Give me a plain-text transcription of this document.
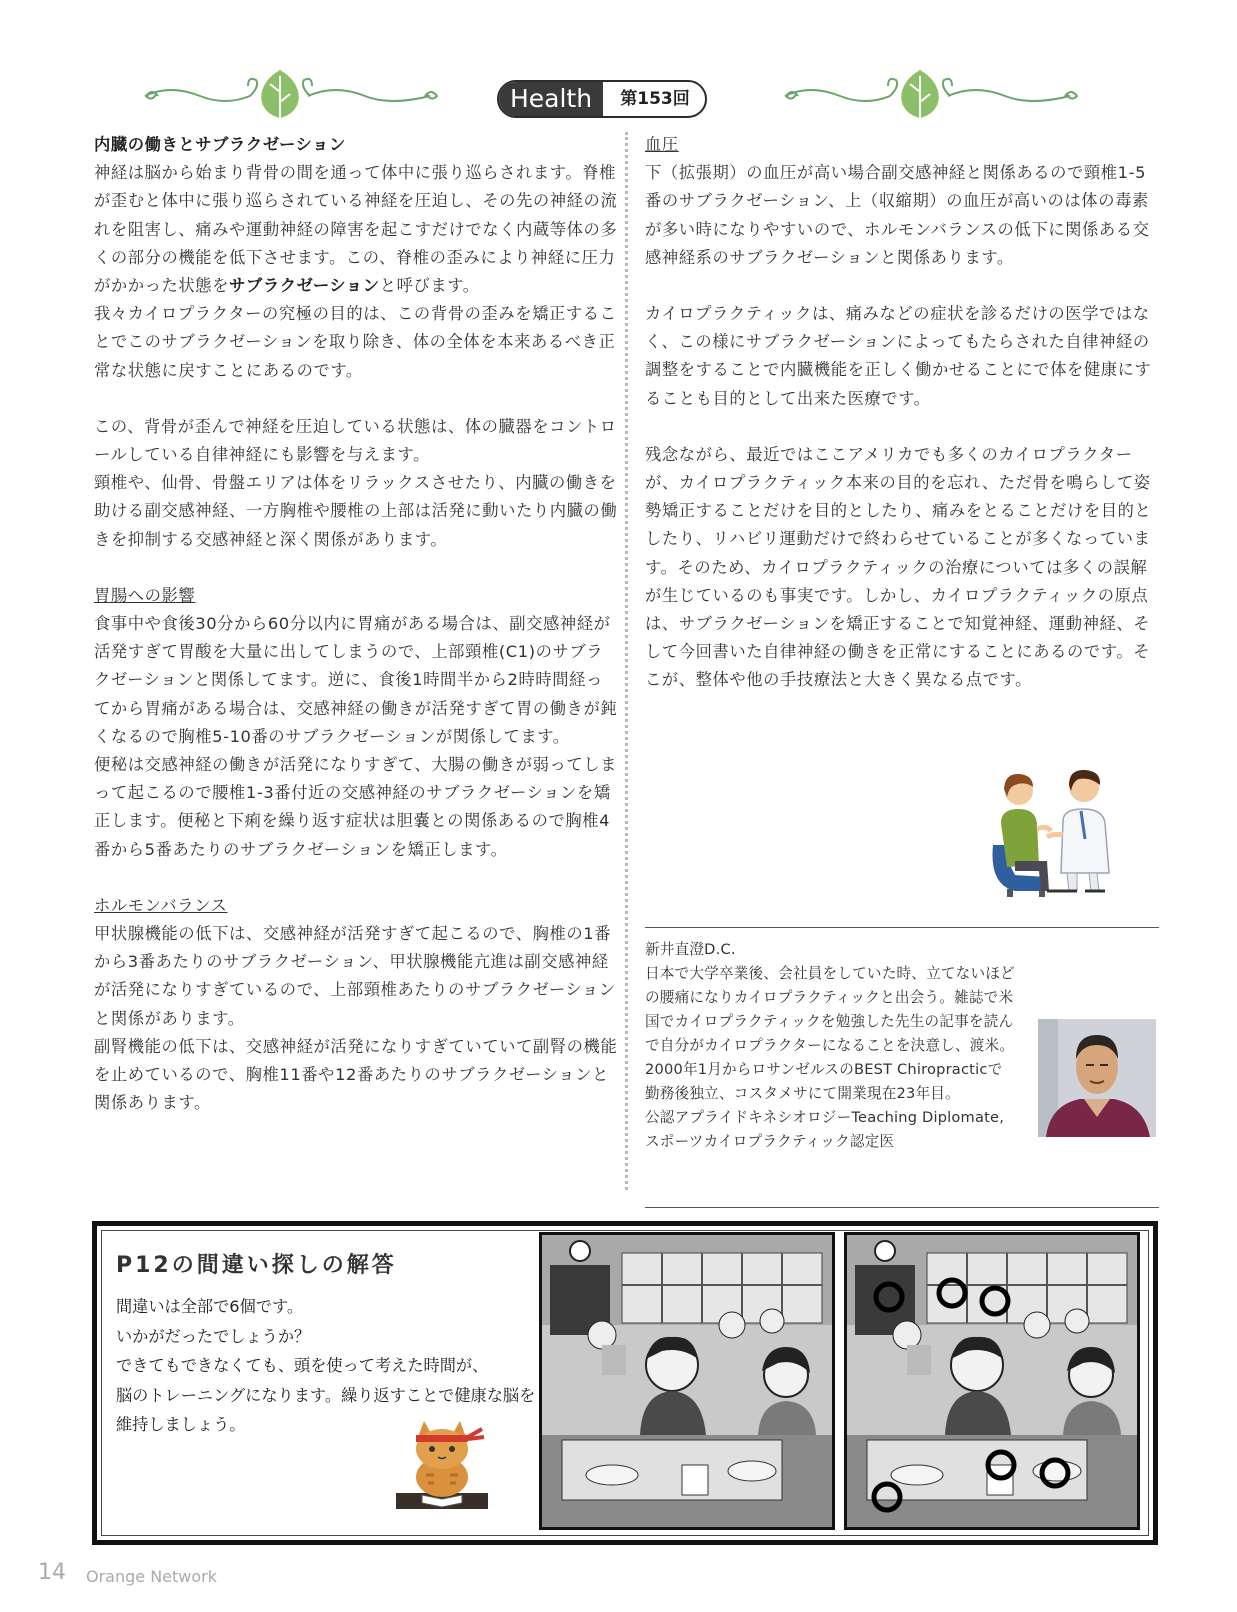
Health	第153回

内臓の働きとサブラクゼーション

神経は脳から始まり背骨の間を通って体中に張り巡らされます。脊椎が歪むと体中に張り巡らされている神経を圧迫し、その先の神経の流れを阻害し、痛みや運動神経の障害を起こすだけでなく内蔵等体の多くの部分の機能を低下させます。この、脊椎の歪みにより神経に圧力がかかった状態をサブラクゼーションと呼びます。

我々カイロプラクターの究極の目的は、この背骨の歪みを矯正することでこのサブラクゼーションを取り除き、体の全体を本来あるべき正常な状態に戻すことにあるのです。

この、背骨が歪んで神経を圧迫している状態は、体の臓器をコントロールしている自律神経にも影響を与えます。

頸椎や、仙骨、骨盤エリアは体をリラックスさせたり、内臓の働きを助ける副交感神経、一方胸椎や腰椎の上部は活発に動いたり内臓の働きを抑制する交感神経と深く関係があります。

胃腸への影響

食事中や食後30分から60分以内に胃痛がある場合は、副交感神経が活発すぎて胃酸を大量に出してしまうので、上部頸椎(C1)のサブラクゼーションと関係してます。逆に、食後1時間半から2時時間経ってから胃痛がある場合は、交感神経の働きが活発すぎて胃の働きが鈍くなるので胸椎5-10番のサブラクゼーションが関係してます。

便秘は交感神経の働きが活発になりすぎて、大腸の働きが弱ってしまって起こるので腰椎1-3番付近の交感神経のサブラクゼーションを矯正します。便秘と下痢を繰り返す症状は胆嚢との関係あるので胸椎4番から5番あたりのサブラクゼーションを矯正します。

ホルモンバランス

甲状腺機能の低下は、交感神経が活発すぎて起こるので、胸椎の1番から3番あたりのサブラクゼーション、甲状腺機能亢進は副交感神経が活発になりすぎているので、上部頸椎あたりのサブラクゼーションと関係があります。

副腎機能の低下は、交感神経が活発になりすぎていていて副腎の機能を止めているので、胸椎11番や12番あたりのサブラクゼーションと関係あります。

血圧

下（拡張期）の血圧が高い場合副交感神経と関係あるので頸椎1-5番のサブラクゼーション、上（収縮期）の血圧が高いのは体の毒素が多い時になりやすいので、ホルモンバランスの低下に関係ある交感神経系のサブラクゼーションと関係あります。

カイロプラクティックは、痛みなどの症状を診るだけの医学ではなく、この様にサブラクゼーションによってもたらされた自律神経の調整をすることで内臓機能を正しく働かせることにで体を健康にすることも目的として出来た医療です。

残念ながら、最近ではここアメリカでも多くのカイロプラクターが、カイロプラクティック本来の目的を忘れ、ただ骨を鳴らして姿勢矯正することだけを目的としたり、痛みをとることだけを目的としたり、リハビリ運動だけで終わらせていることが多くなっています。そのため、カイロプラクティックの治療については多くの誤解が生じているのも事実です。しかし、カイロプラクティックの原点は、サブラクゼーションを矯正することで知覚神経、運動神経、そして今回書いた自律神経の働きを正常にすることにあるのです。そこが、整体や他の手技療法と大きく異なる点です。

新井直澄D.C.

日本で大学卒業後、会社員をしていた時、立てないほどの腰痛になりカイロプラクティックと出会う。雑誌で米国でカイロプラクティックを勉強した先生の記事を読んで自分がカイロプラクターになることを決意し、渡米。2000年1月からロサンゼルスのBEST Chiropracticで勤務後独立、コスタメサにて開業現在23年目。

公認アプライドキネシオロジーTeaching Diplomate, スポーツカイロプラクティック認定医

P12の間違い探しの解答

間違いは全部で6個です。

いかがだったでしょうか？

できてもできなくても、頭を使って考えた時間が、

脳のトレーニングになります。繰り返すことで健康な脳を

維持しましょう。

14 Orange Network
